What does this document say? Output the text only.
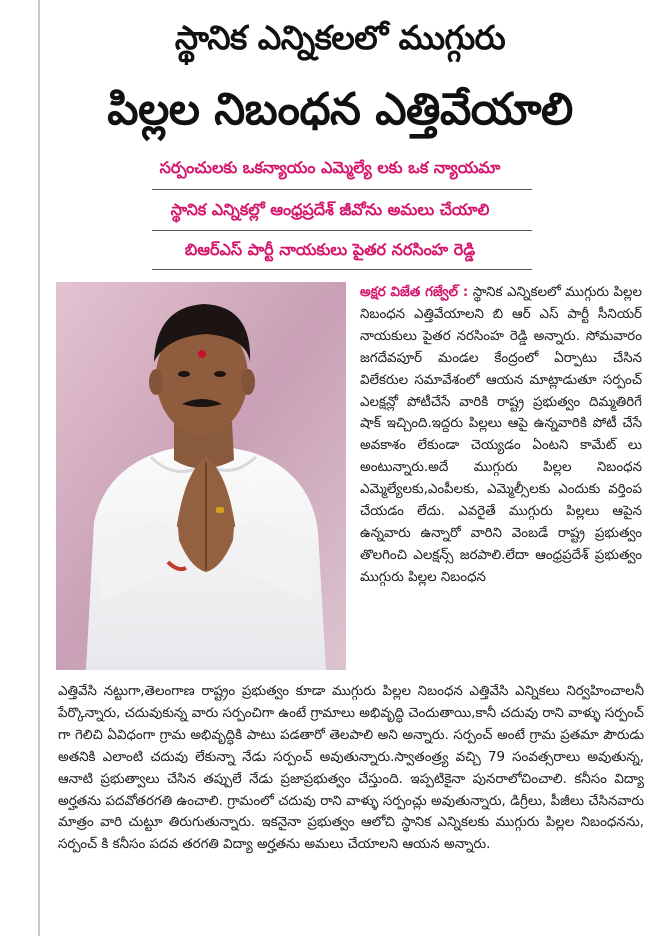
స్థానిక ఎన్నికలలో ముగ్గురు
పిల్లల నిబంధన ఎత్తివేయాలి
సర్పంచులకు ఒకన్యాయం ఎమ్మెల్యే లకు ఒక న్యాయమా
స్థానిక ఎన్నికల్లో ఆంధ్రప్రదేశ్ జీవోను అమలు చేయాలి
బిఆర్ఎస్ పార్టీ నాయకులు పైతర నరసింహ రెడ్డి

అక్షర విజేత గజ్వేల్ : స్థానిక ఎన్నికలలో ముగ్గురు పిల్లల నిబంధన ఎత్తివేయాలని బి ఆర్ ఎస్ పార్టీ సీనియర్ నాయకులు పైతర నరసింహ రెడ్డి అన్నారు. సోమవారం జగదేవపూర్ మండల కేంద్రంలో ఏర్పాటు చేసిన విలేకరుల సమావేశంలో ఆయన మాట్లాడుతూ సర్పంచ్ ఎలక్షన్లో పోటీచేసే వారికి రాష్ట్ర ప్రభుత్వం దిమ్మతిరిగే షాక్ ఇచ్చింది.ఇద్దరు పిల్లలు ఆపై ఉన్నవారికి పోటీ చేసే అవకాశం లేకుండా చెయ్యడం ఏంటని కామేట్ లు అంటున్నారు.అదే ముగ్గురు పిల్లల నిబంధన ఎమ్మెల్యేలకు,ఎంపీలకు, ఎమ్మెల్సీలకు ఎందుకు వర్తింప చేయడం లేదు. ఎవరైతే ముగ్గురు పిల్లలు ఆపైన ఉన్నవారు ఉన్నారో వారిని వెంబడే రాష్ట్ర ప్రభుత్వం తొలగించి ఎలక్షన్స్ జరపాలి.లేదా ఆంధ్రప్రదేశ్ ప్రభుత్వం ముగ్గురు పిల్లల నిబంధన

ఎత్తివేసి నట్టుగా,తెలంగాణ రాష్ట్రం ప్రభుత్వం కూడా ముగ్గురు పిల్లల నిబంధన ఎత్తివేసి ఎన్నికలు నిర్వహించాలనీ పేర్కొన్నారు, చదువుకున్న వారు సర్పంచిగా ఉంటే గ్రామాలు అభివృద్ధి చెందుతాయి,కానీ చదువు రాని వాళ్ళు సర్పంచ్ గా గెలిచి ఏవిధంగా గ్రామ అభివృద్ధికి పాటు పడతారో తెలపాలి అని అన్నారు. సర్పంచ్ అంటే గ్రామ ప్రతమా పౌరుడు అతనికి ఎలాంటి చదువు లేకున్నా నేడు సర్పంచ్ అవుతున్నారు.స్వాతంత్ర్య వచ్చి 79 సంవత్సరాలు అవుతున్న, ఆనాటి ప్రభుత్వాలు చేసిన తప్పులే నేడు ప్రజాప్రభుత్వం చేస్తుంది. ఇప్పటికైనా పునరాలోచించాలి. కనీసం విద్యా అర్హతను పదవోతరగతి ఉంచాలి. గ్రామంలో చదువు రాని వాళ్ళు సర్పంచ్లు అవుతున్నారు, డిగ్రీలు, పీజీలు చేసినవారు మాత్రం వారి చుట్టూ తిరుగుతున్నారు. ఇకనైనా ప్రభుత్వం ఆలోచి స్థానిక ఎన్నికలకు ముగ్గురు పిల్లల నిబంధనను, సర్పంచ్ కి కనీసం పదవ తరగతి విద్యా అర్హతను అమలు చేయాలని ఆయన అన్నారు.
